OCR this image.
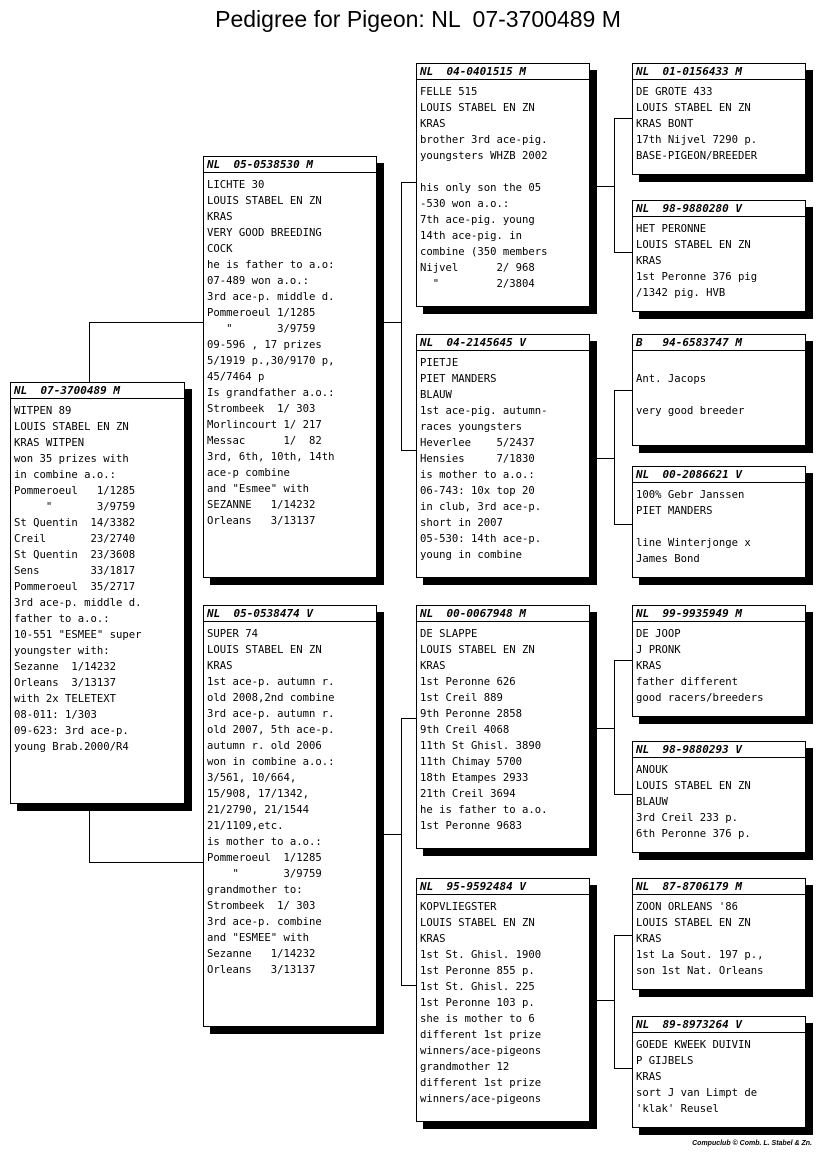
Pedigree for Pigeon: NL  07-3700489 M
NL  07-3700489 M
WITPEN 89
LOUIS STABEL EN ZN
KRAS WITPEN
won 35 prizes with
in combine a.o.:
Pommeroeul   1/1285
"       3/9759
St Quentin  14/3382
Creil       23/2740
St Quentin  23/3608
Sens        33/1817
Pommeroeul  35/2717
3rd ace-p. middle d.
father to a.o.:
10-551 "ESMEE" super
youngster with:
Sezanne  1/14232
Orleans  3/13137
with 2x TELETEXT
08-011: 1/303
09-623: 3rd ace-p.
young Brab.2000/R4
NL  05-0538530 M
LICHTE 30
LOUIS STABEL EN ZN
KRAS
VERY GOOD BREEDING
COCK
he is father to a.o:
07-489 won a.o.:
3rd ace-p. middle d.
Pommeroeul 1/1285
"       3/9759
09-596 , 17 prizes
5/1919 p.,30/9170 p,
45/7464 p
Is grandfather a.o.:
Strombeek  1/ 303
Morlincourt 1/ 217
Messac      1/  82
3rd, 6th, 10th, 14th
ace-p combine
and "Esmee" with
SEZANNE   1/14232
Orleans   3/13137
NL  05-0538474 V
SUPER 74
LOUIS STABEL EN ZN
KRAS
1st ace-p. autumn r.
old 2008,2nd combine
3rd ace-p. autumn r.
old 2007, 5th ace-p.
autumn r. old 2006
won in combine a.o.:
3/561, 10/664,
15/908, 17/1342,
21/2790, 21/1544
21/1109,etc.
is mother to a.o.:
Pommeroeul  1/1285
"       3/9759
grandmother to:
Strombeek  1/ 303
3rd ace-p. combine
and "ESMEE" with
Sezanne   1/14232
Orleans   3/13137
NL  04-0401515 M
FELLE 515
LOUIS STABEL EN ZN
KRAS
brother 3rd ace-pig.
youngsters WHZB 2002

his only son the 05
-530 won a.o.:
7th ace-pig. young
14th ace-pig. in
combine (350 members
Nijvel      2/ 968
"         2/3804
NL  04-2145645 V
PIETJE
PIET MANDERS
BLAUW
1st ace-pig. autumn-
races youngsters
Heverlee    5/2437
Hensies     7/1830
is mother to a.o.:
06-743: 10x top 20
in club, 3rd ace-p.
short in 2007
05-530: 14th ace-p.
young in combine
NL  00-0067948 M
DE SLAPPE
LOUIS STABEL EN ZN
KRAS
1st Peronne 626
1st Creil 889
9th Peronne 2858
9th Creil 4068
11th St Ghisl. 3890
11th Chimay 5700
18th Etampes 2933
21th Creil 3694
he is father to a.o.
1st Peronne 9683
NL  95-9592484 V
KOPVLIEGSTER
LOUIS STABEL EN ZN
KRAS
1st St. Ghisl. 1900
1st Peronne 855 p.
1st St. Ghisl. 225
1st Peronne 103 p.
she is mother to 6
different 1st prize
winners/ace-pigeons
grandmother 12
different 1st prize
winners/ace-pigeons
NL  01-0156433 M
DE GROTE 433
LOUIS STABEL EN ZN
KRAS BONT
17th Nijvel 7290 p.
BASE-PIGEON/BREEDER
NL  98-9880280 V
HET PERONNE
LOUIS STABEL EN ZN
KRAS
1st Peronne 376 pig
/1342 pig. HVB
B   94-6583747 M

Ant. Jacops

very good breeder
NL  00-2086621 V
100% Gebr Janssen
PIET MANDERS

line Winterjonge x
James Bond
NL  99-9935949 M
DE JOOP
J PRONK
KRAS
father different
good racers/breeders
NL  98-9880293 V
ANOUK
LOUIS STABEL EN ZN
BLAUW
3rd Creil 233 p.
6th Peronne 376 p.
NL  87-8706179 M
ZOON ORLEANS '86
LOUIS STABEL EN ZN
KRAS
1st La Sout. 197 p.,
son 1st Nat. Orleans
NL  89-8973264 V
GOEDE KWEEK DUIVIN
P GIJBELS
KRAS
sort J van Limpt de
'klak' Reusel
Compuclub © Comb. L. Stabel & Zn.
